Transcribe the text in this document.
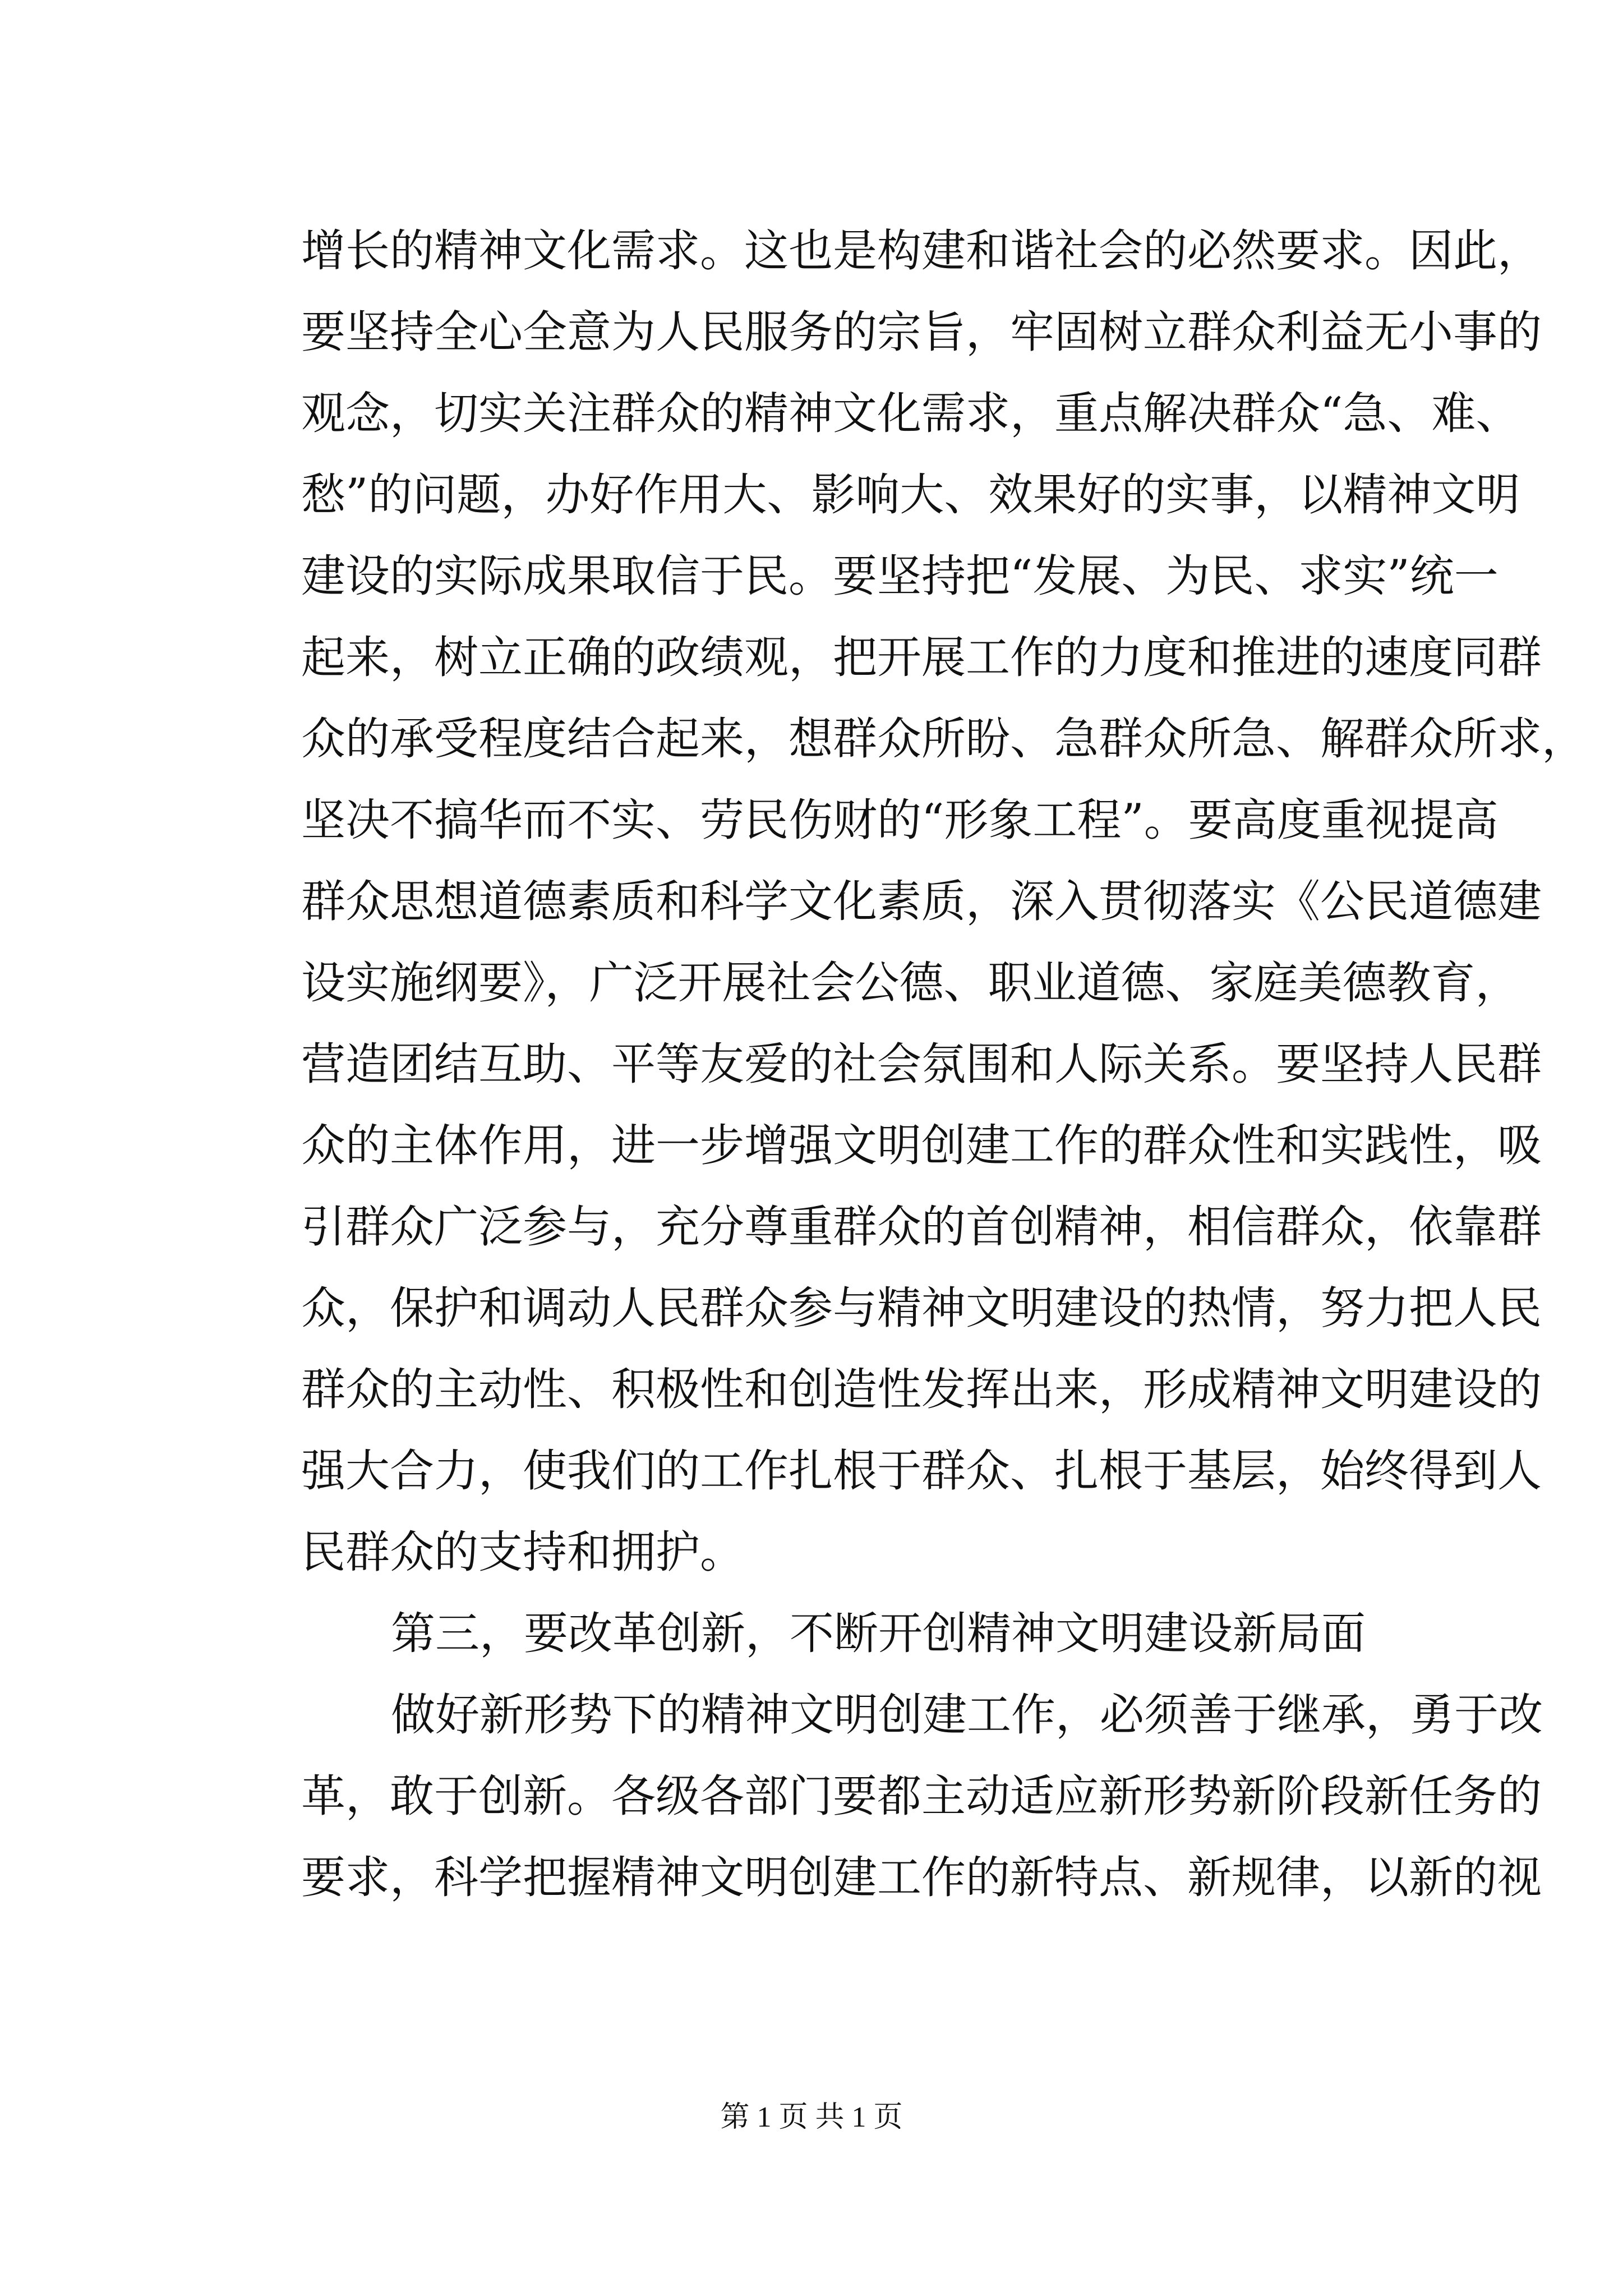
增长的精神文化需求。这也是构建和谐社会的必然要求。因此，
要坚持全心全意为人民服务的宗旨，牢固树立群众利益无小事的
观念，切实关注群众的精神文化需求，重点解决群众“急、难、
愁”的问题，办好作用大、影响大、效果好的实事，以精神文明
建设的实际成果取信于民。要坚持把“发展、为民、求实”统一
起来，树立正确的政绩观，把开展工作的力度和推进的速度同群
众的承受程度结合起来，想群众所盼、急群众所急、解群众所求，
坚决不搞华而不实、劳民伤财的“形象工程”。要高度重视提高
群众思想道德素质和科学文化素质，深入贯彻落实《公民道德建
设实施纲要》，广泛开展社会公德、职业道德、家庭美德教育，
营造团结互助、平等友爱的社会氛围和人际关系。要坚持人民群
众的主体作用，进一步增强文明创建工作的群众性和实践性，吸
引群众广泛参与，充分尊重群众的首创精神，相信群众，依靠群
众，保护和调动人民群众参与精神文明建设的热情，努力把人民
群众的主动性、积极性和创造性发挥出来，形成精神文明建设的
强大合力，使我们的工作扎根于群众、扎根于基层，始终得到人
民群众的支持和拥护。
第三，要改革创新，不断开创精神文明建设新局面
做好新形势下的精神文明创建工作，必须善于继承，勇于改
革，敢于创新。各级各部门要都主动适应新形势新阶段新任务的
要求，科学把握精神文明创建工作的新特点、新规律，以新的视
第 1 页 共 1 页
